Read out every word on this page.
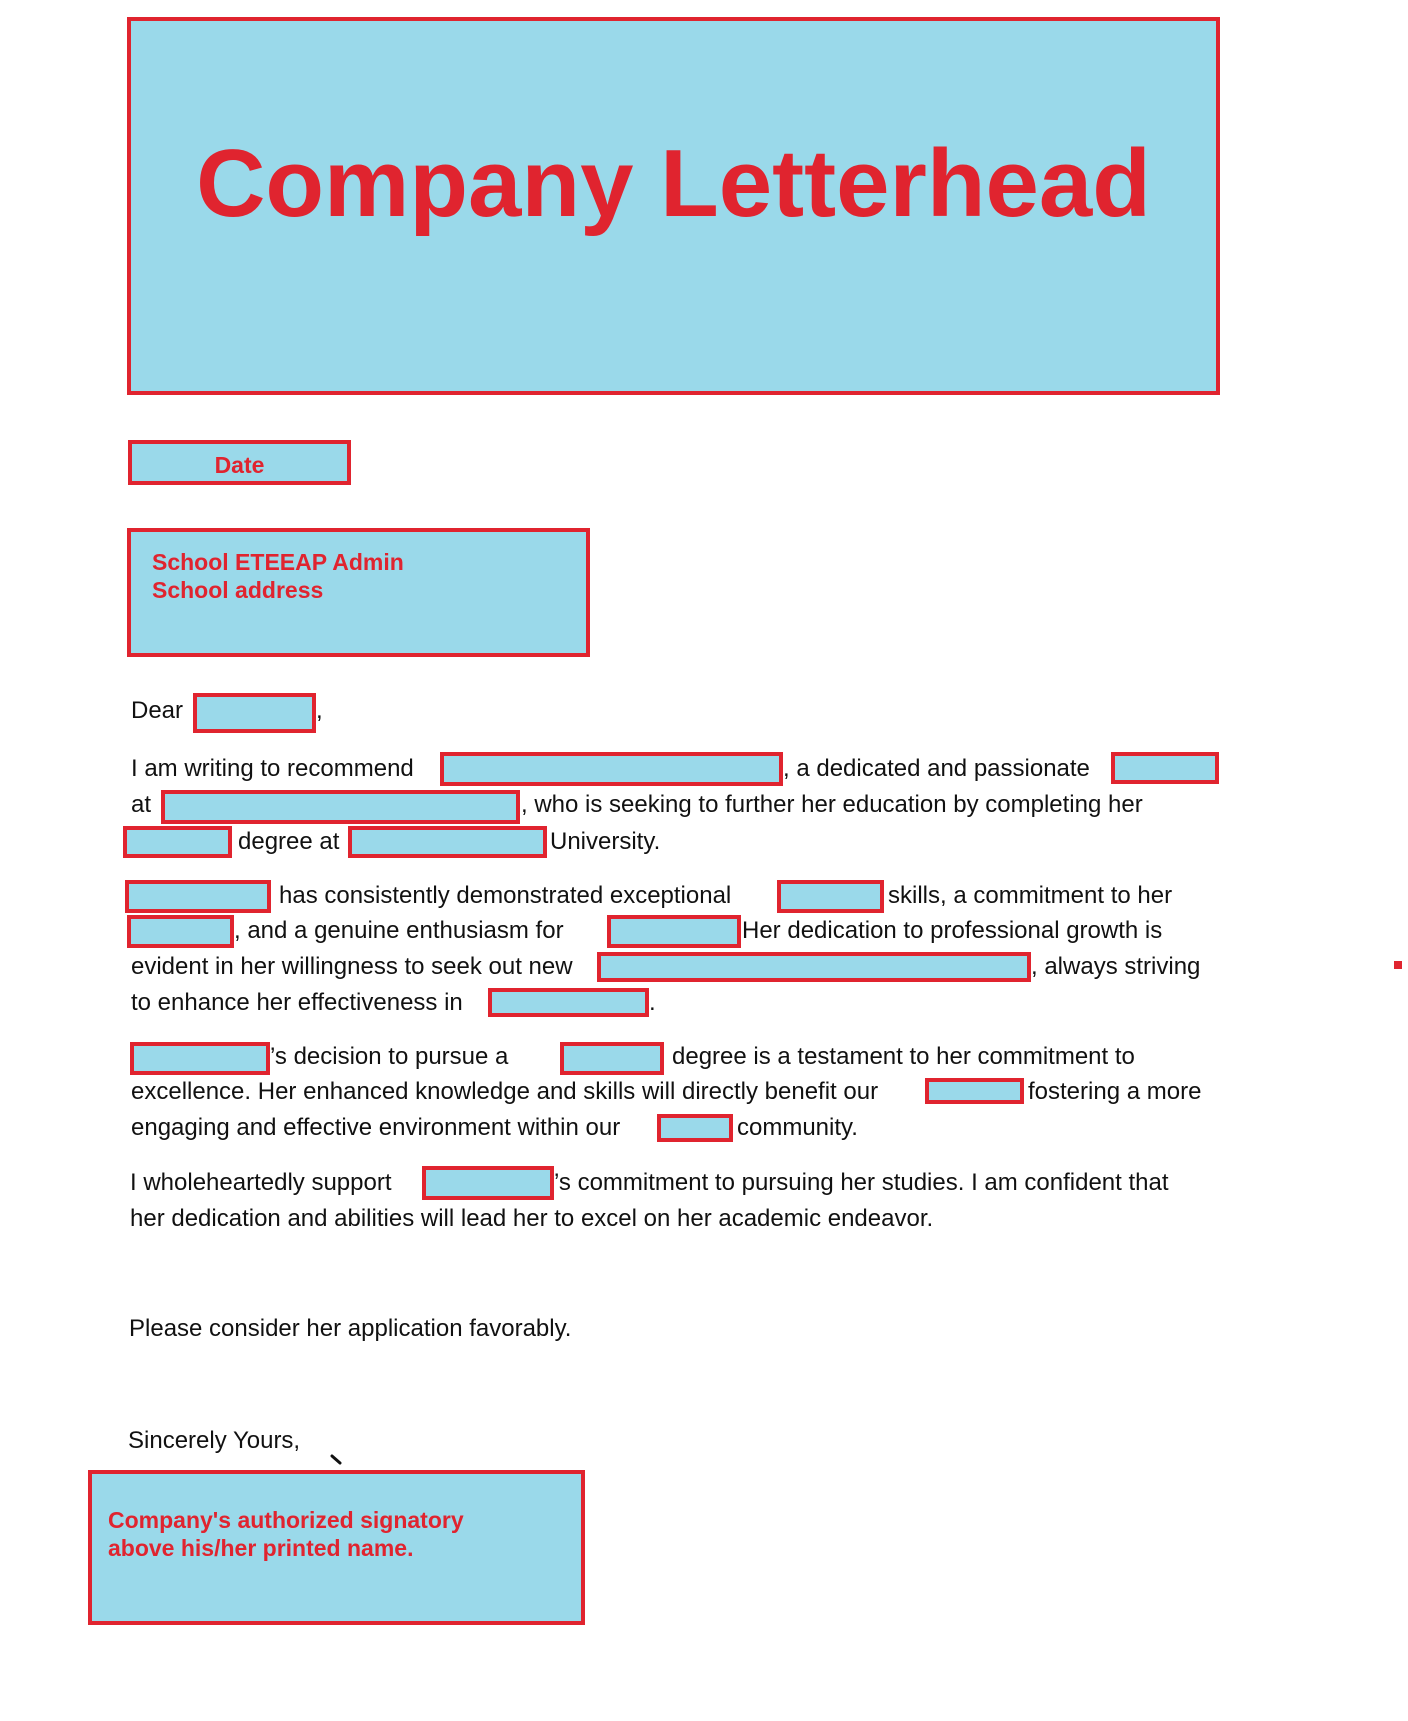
Company Letterhead
Date
School ETEEAP Admin
School address
Dear	,
I am writing to recommend	, a dedicated and passionate
at	, who is seeking to further her education by completing her
degree at	University.
has consistently demonstrated exceptional	skills, a commitment to her
, and a genuine enthusiasm for	Her dedication to professional growth is
evident in her willingness to seek out new	, always striving
to enhance her effectiveness in	.
’s decision to pursue a	degree is a testament to her commitment to
excellence. Her enhanced knowledge and skills will directly benefit our	fostering a more
engaging and effective environment within our	community.
I wholeheartedly support	’s commitment to pursuing her studies. I am confident that
her dedication and abilities will lead her to excel on her academic endeavor.
Please consider her application favorably.
Sincerely Yours,
Company's authorized signatory
above his/her printed name.
